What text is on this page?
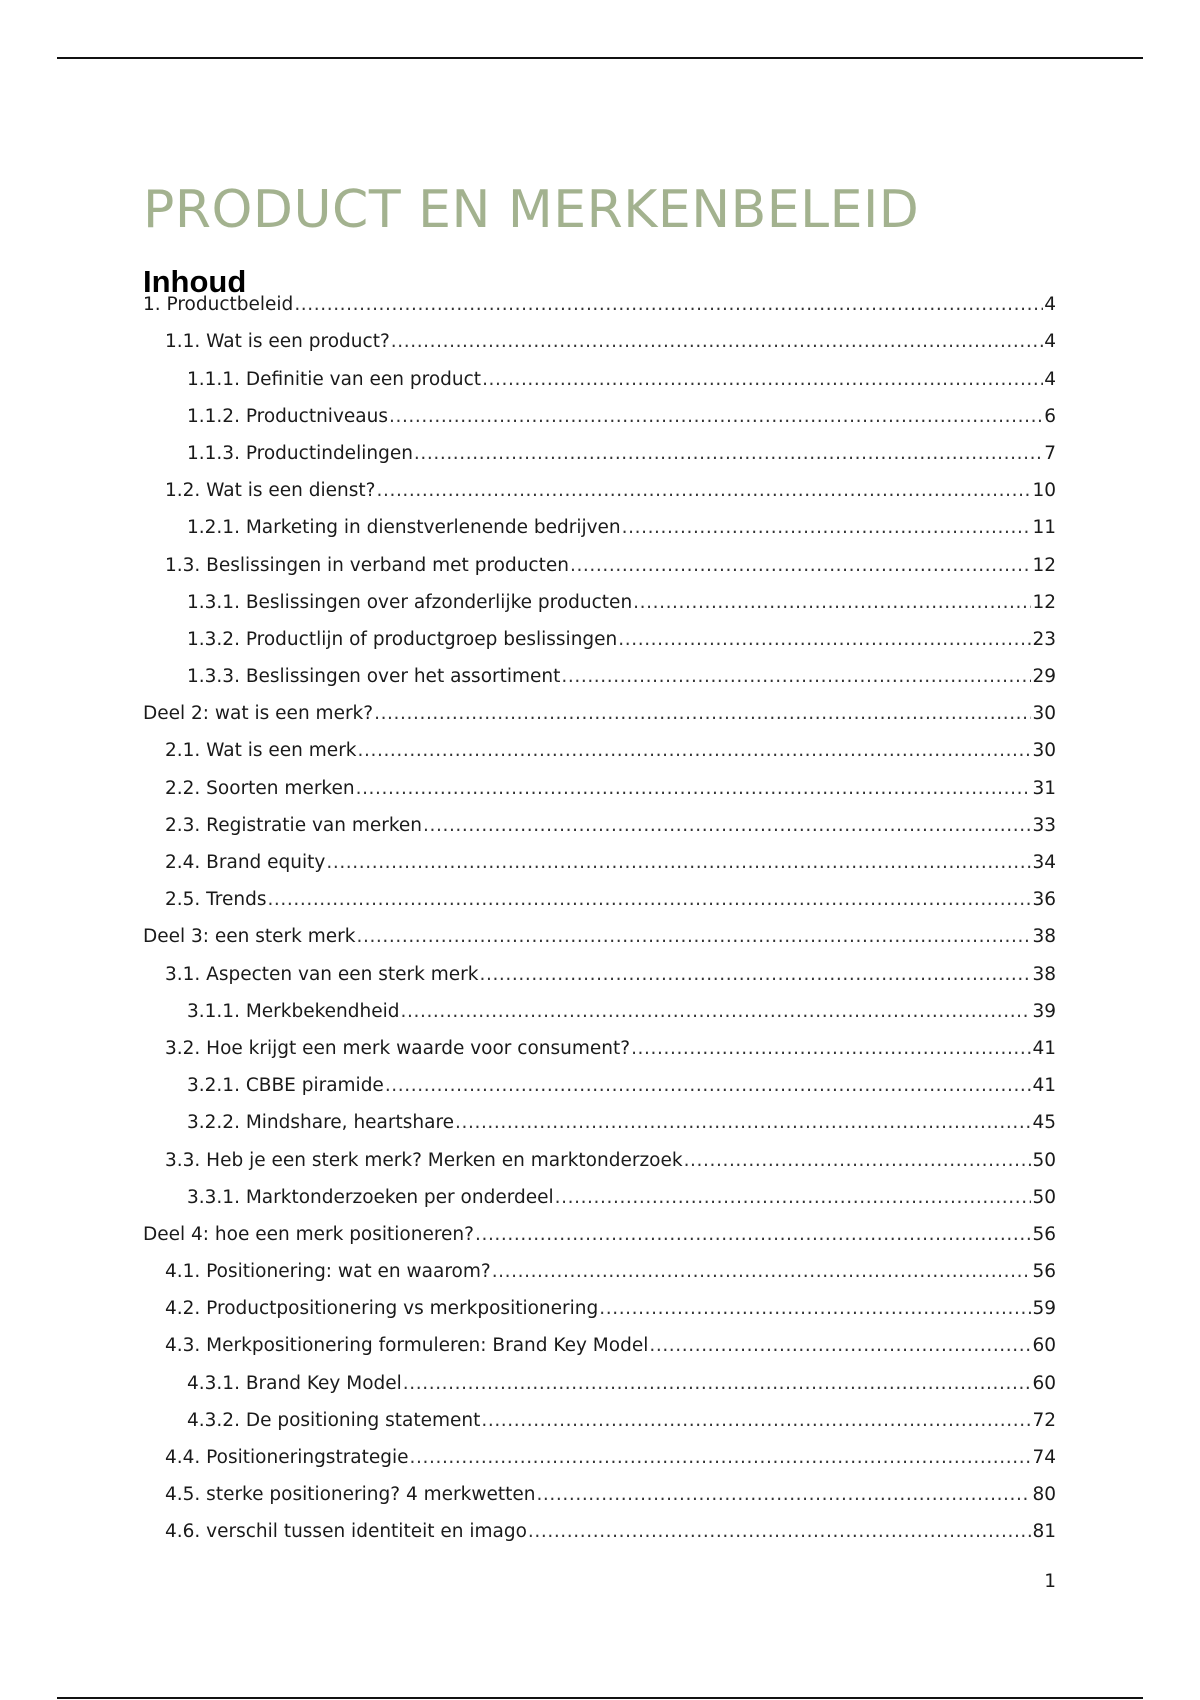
PRODUCT EN MERKENBELEID
Inhoud
1. Productbeleid .....	4
1.1. Wat is een product? .....	4
1.1.1. Definitie van een product .....	4
1.1.2. Productniveaus .....	6
1.1.3. Productindelingen .....	7
1.2. Wat is een dienst? .....	10
1.2.1. Marketing in dienstverlenende bedrijven .....	11
1.3. Beslissingen in verband met producten .....	12
1.3.1. Beslissingen over afzonderlijke producten .....	12
1.3.2. Productlijn of productgroep beslissingen .....	23
1.3.3. Beslissingen over het assortiment .....	29
Deel 2: wat is een merk? .....	30
2.1. Wat is een merk .....	30
2.2. Soorten merken .....	31
2.3. Registratie van merken .....	33
2.4. Brand equity .....	34
2.5. Trends .....	36
Deel 3: een sterk merk .....	38
3.1. Aspecten van een sterk merk .....	38
3.1.1. Merkbekendheid .....	39
3.2. Hoe krijgt een merk waarde voor consument? .....	41
3.2.1. CBBE piramide .....	41
3.2.2. Mindshare, heartshare .....	45
3.3. Heb je een sterk merk? Merken en marktonderzoek .....	50
3.3.1. Marktonderzoeken per onderdeel .....	50
Deel 4: hoe een merk positioneren? .....	56
4.1. Positionering: wat en waarom? .....	56
4.2. Productpositionering vs merkpositionering .....	59
4.3. Merkpositionering formuleren: Brand Key Model .....	60
4.3.1. Brand Key Model .....	60
4.3.2. De positioning statement .....	72
4.4. Positioneringstrategie .....	74
4.5. sterke positionering? 4 merkwetten .....	80
4.6. verschil tussen identiteit en imago .....	81
1
